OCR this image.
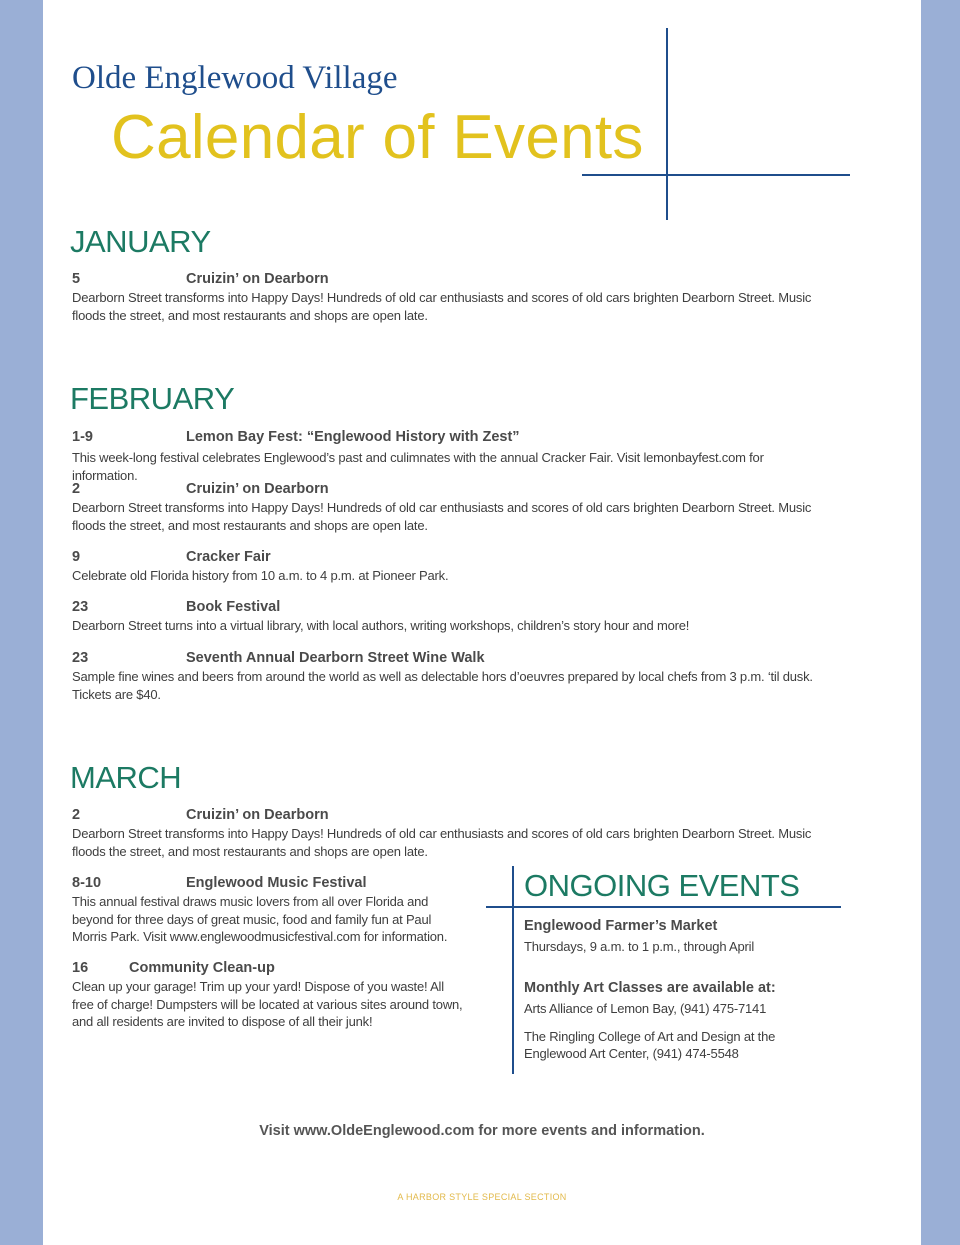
Olde Englewood Village
Calendar of Events
JANUARY
5	Cruizin’ on Dearborn
Dearborn Street transforms into Happy Days! Hundreds of old car enthusiasts and scores of old cars brighten Dearborn Street. Music floods the street, and most restaurants and shops are open late.
FEBRUARY
1-9	Lemon Bay Fest: “Englewood History with Zest”
This week-long festival celebrates Englewood’s past and culimnates with the annual Cracker Fair. Visit lemonbayfest.com for information.
2	Cruizin’ on Dearborn
Dearborn Street transforms into Happy Days! Hundreds of old car enthusiasts and scores of old cars brighten Dearborn Street. Music floods the street, and most restaurants and shops are open late.
9	Cracker Fair
Celebrate old Florida history from 10 a.m. to 4 p.m. at Pioneer Park.
23	Book Festival
Dearborn Street turns into a virtual library, with local authors, writing workshops, children’s story hour and more!
23	Seventh Annual Dearborn Street Wine Walk
Sample fine wines and beers from around the world as well as delectable hors d’oeuvres prepared by local chefs from 3 p.m. ‘til dusk. Tickets are $40.
MARCH
2	Cruizin’ on Dearborn
Dearborn Street transforms into Happy Days! Hundreds of old car enthusiasts and scores of old cars brighten Dearborn Street. Music floods the street, and most restaurants and shops are open late.
8-10	Englewood Music Festival
This annual festival draws music lovers from all over Florida and beyond for three days of great music, food and family fun at Paul Morris Park. Visit www.englewoodmusicfestival.com for information.
16	Community Clean-up
Clean up your garage! Trim up your yard! Dispose of you waste! All free of charge! Dumpsters will be located at various sites around town, and all residents are invited to dispose of all their junk!
ONGOING EVENTS
Englewood Farmer’s Market
Thursdays, 9 a.m. to 1 p.m., through April
Monthly Art Classes are available at:
Arts Alliance of Lemon Bay, (941) 475-7141
The Ringling College of Art and Design at the Englewood Art Center, (941) 474-5548
Visit www.OldeEnglewood.com for more events and information.
A HARBOR STYLE SPECIAL SECTION
